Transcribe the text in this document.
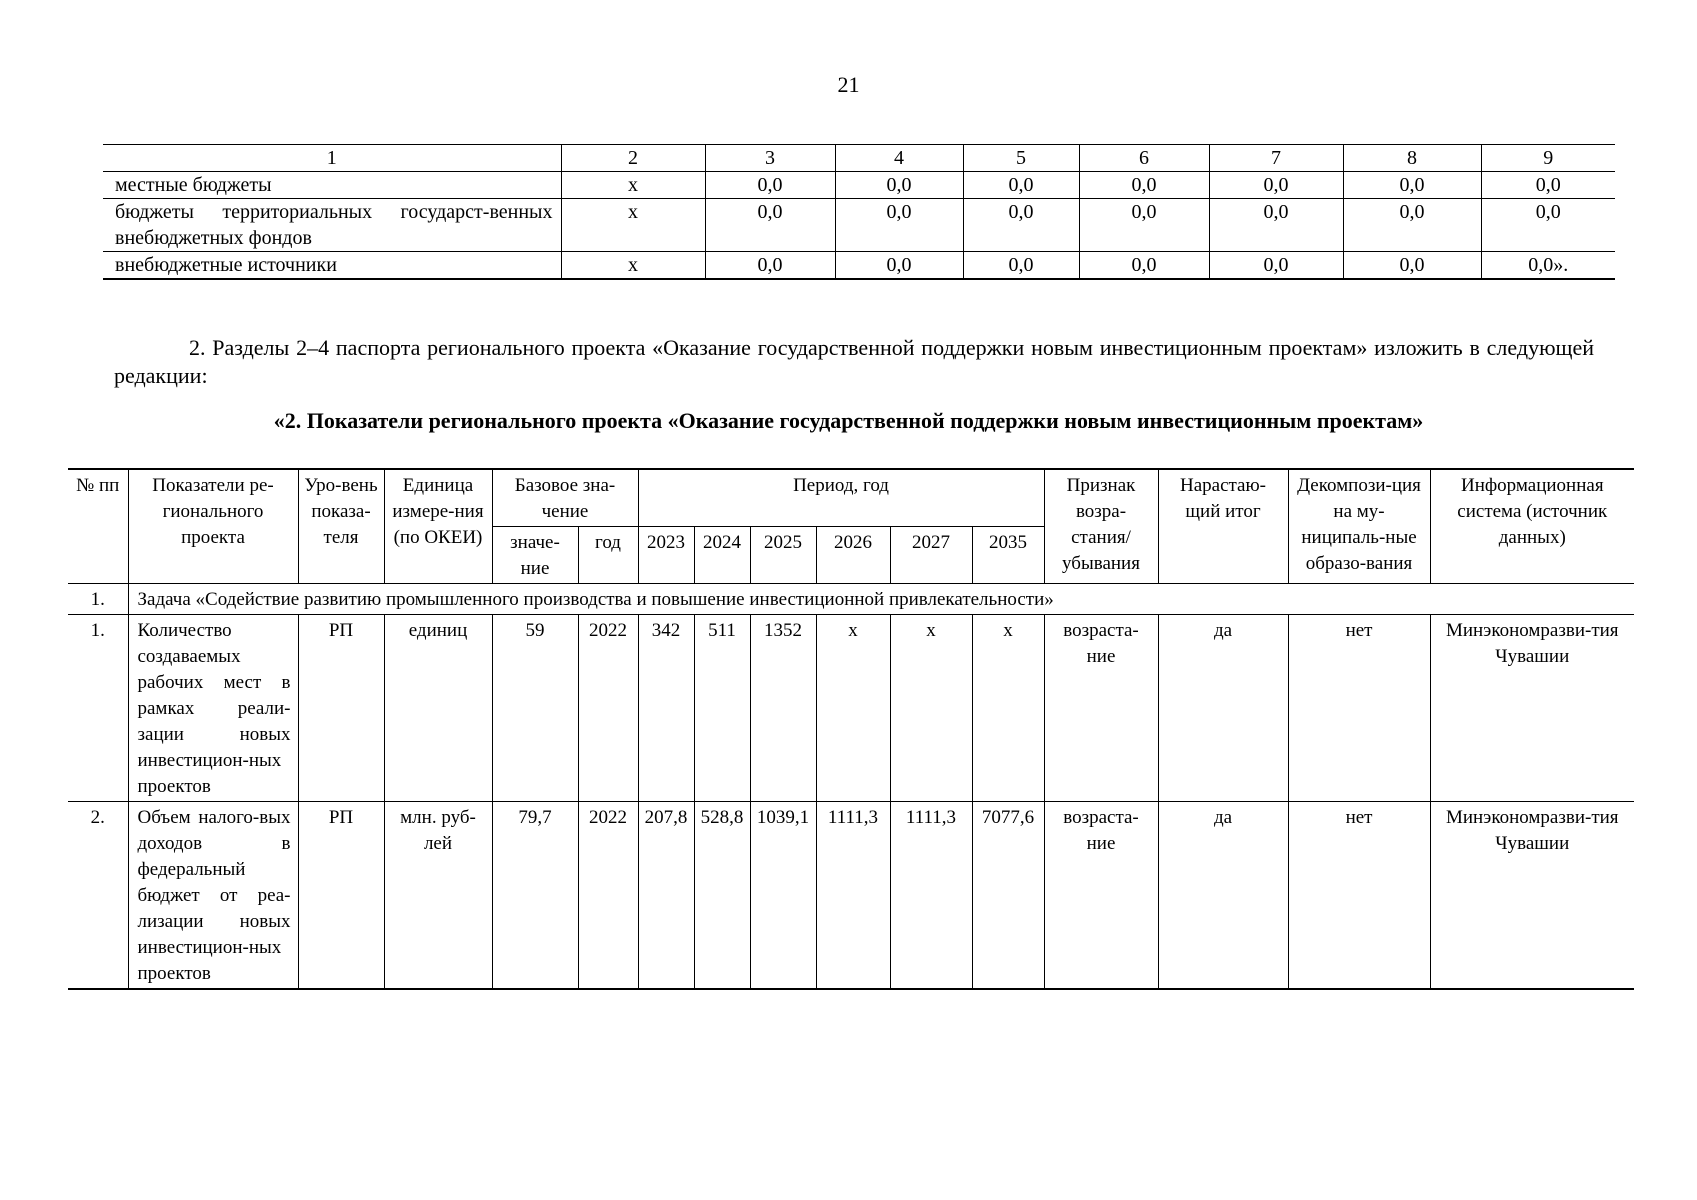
21
1	2	3	4	5	6	7	8	9
местные бюджеты	x	0,0	0,0	0,0	0,0	0,0	0,0	0,0
бюджеты территориальных государст-венных внебюджетных фондов	x	0,0	0,0	0,0	0,0	0,0	0,0	0,0
внебюджетные источники	x	0,0	0,0	0,0	0,0	0,0	0,0	0,0».

2. Разделы 2–4 паспорта регионального проекта «Оказание государственной поддержки новым инвестиционным проектам» изложить в следующей редакции:

«2. Показатели регионального проекта «Оказание государственной поддержки новым инвестиционным проектам»
№ пп	Показатели ре-гионального проекта	Уро-вень показа-теля	Единица измере-ния (по ОКЕИ)	Базовое зна-чение		Период, год						Признак возра-стания/ убывания	Нарастаю-щий итог	Декомпози-ция на му-ниципаль-ные образо-вания	Информационная система (источник данных)
				значе-ние	год	2023	2024	2025	2026	2027	2035				
1.	Задача «Содействие развитию промышленного производства и повышение инвестиционной привлекательности»														
1.	Количество создаваемых рабочих мест в рамках реали-зации новых инвестицион-ных проектов	РП	единиц	59	2022	342	511	1352	x	x	x	возраста-ние	да	нет	Минэкономразви-тия Чувашии
2.	Объем налого-вых доходов в федеральный бюджет от реа-лизации новых инвестицион-ных проектов	РП	млн. руб-лей	79,7	2022	207,8	528,8	1039,1	1111,3	1111,3	7077,6	возраста-ние	да	нет	Минэкономразви-тия Чувашии
